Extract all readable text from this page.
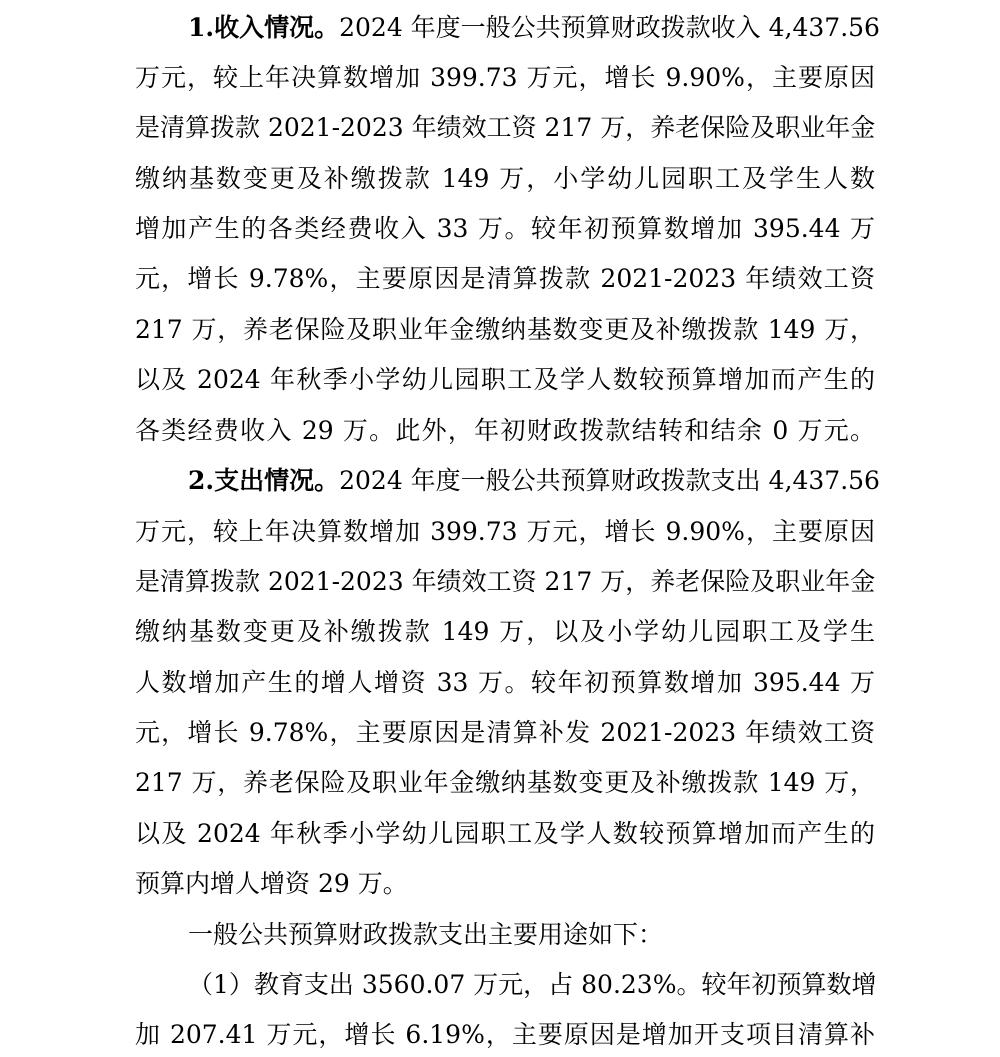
1.收入情况。2024 年度一般公共预算财政拨款收入 4,437.56
万元，较上年决算数增加 399.73 万元，增长 9.90%，主要原因
是清算拨款 2021-2023 年绩效工资 217 万，养老保险及职业年金
缴纳基数变更及补缴拨款 149 万，小学幼儿园职工及学生人数
增加产生的各类经费收入 33 万。较年初预算数增加 395.44 万
元，增长 9.78%，主要原因是清算拨款 2021-2023 年绩效工资
217 万，养老保险及职业年金缴纳基数变更及补缴拨款 149 万，
以及 2024 年秋季小学幼儿园职工及学人数较预算增加而产生的
各类经费收入 29 万。此外，年初财政拨款结转和结余 0 万元。
2.支出情况。2024 年度一般公共预算财政拨款支出 4,437.56
万元，较上年决算数增加 399.73 万元，增长 9.90%，主要原因
是清算拨款 2021-2023 年绩效工资 217 万，养老保险及职业年金
缴纳基数变更及补缴拨款 149 万，以及小学幼儿园职工及学生
人数增加产生的增人增资 33 万。较年初预算数增加 395.44 万
元，增长 9.78%，主要原因是清算补发 2021-2023 年绩效工资
217 万，养老保险及职业年金缴纳基数变更及补缴拨款 149 万，
以及 2024 年秋季小学幼儿园职工及学人数较预算增加而产生的
预算内增人增资 29 万。
一般公共预算财政拨款支出主要用途如下：
（1）教育支出 3560.07 万元，占 80.23%。较年初预算数增
加 207.41 万元，增长 6.19%，主要原因是增加开支项目清算补
